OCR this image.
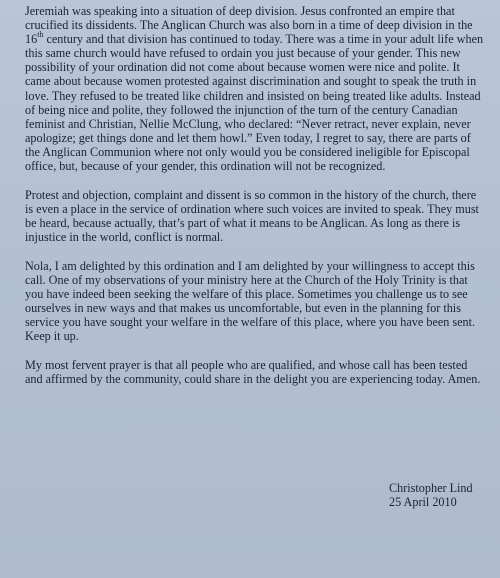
Jeremiah was speaking into a situation of deep division. Jesus confronted an empire that crucified its dissidents. The Anglican Church was also born in a time of deep division in the 16th century and that division has continued to today. There was a time in your adult life when this same church would have refused to ordain you just because of your gender. This new possibility of your ordination did not come about because women were nice and polite. It came about because women protested against discrimination and sought to speak the truth in love. They refused to be treated like children and insisted on being treated like adults. Instead of being nice and polite, they followed the injunction of the turn of the century Canadian feminist and Christian, Nellie McClung, who declared: “Never retract, never explain, never apologize; get things done and let them howl.” Even today, I regret to say, there are parts of the Anglican Communion where not only would you be considered ineligible for Episcopal office, but, because of your gender, this ordination will not be recognized.

Protest and objection, complaint and dissent is so common in the history of the church, there is even a place in the service of ordination where such voices are invited to speak. They must be heard, because actually, that’s part of what it means to be Anglican. As long as there is injustice in the world, conflict is normal.

Nola, I am delighted by this ordination and I am delighted by your willingness to accept this call. One of my observations of your ministry here at the Church of the Holy Trinity is that you have indeed been seeking the welfare of this place. Sometimes you challenge us to see ourselves in new ways and that makes us uncomfortable, but even in the planning for this service you have sought your welfare in the welfare of this place, where you have been sent. Keep it up.

My most fervent prayer is that all people who are qualified, and whose call has been tested and affirmed by the community, could share in the delight you are experiencing today. Amen.

Christopher Lind
25 April 2010
